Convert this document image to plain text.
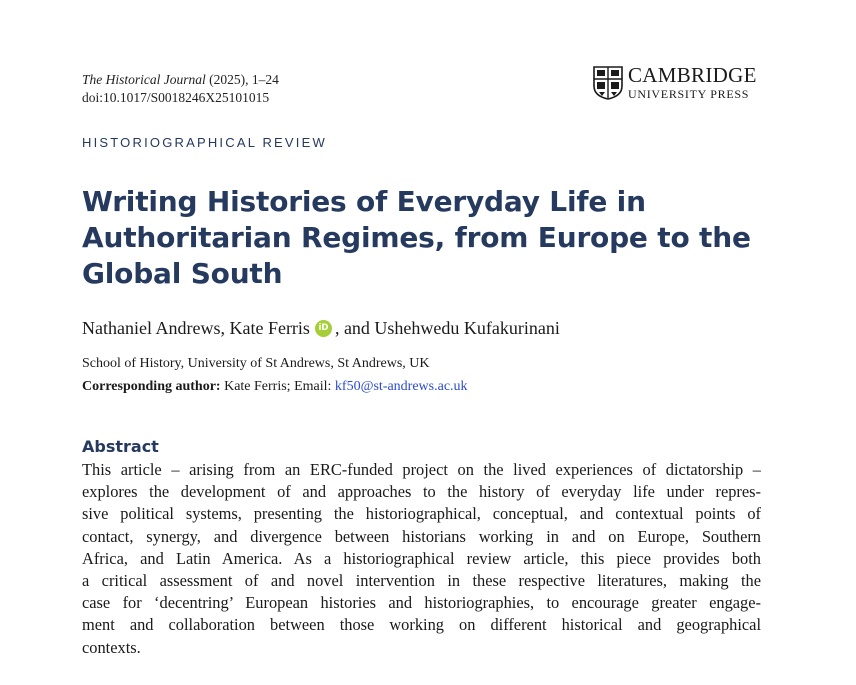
The Historical Journal (2025), 1–24
doi:10.1017/S0018246X25101015
CAMBRIDGE
UNIVERSITY PRESS
HISTORIOGRAPHICAL REVIEW
Writing Histories of Everyday Life in
Authoritarian Regimes, from Europe to the
Global South
Nathaniel Andrews, Kate Ferris	iD , and Ushehwedu Kufakurinani
School of History, University of St Andrews, St Andrews, UK
Corresponding author: Kate Ferris; Email: kf50@st-andrews.ac.uk
Abstract
This article – arising from an ERC-funded project on the lived experiences of dictatorship –
explores the development of and approaches to the history of everyday life under repres-
sive political systems, presenting the historiographical, conceptual, and contextual points of
contact, synergy, and divergence between historians working in and on Europe, Southern
Africa, and Latin America. As a historiographical review article, this piece provides both
a critical assessment of and novel intervention in these respective literatures, making the
case for ‘decentring’ European histories and historiographies, to encourage greater engage-
ment and collaboration between those working on different historical and geographical
contexts.
